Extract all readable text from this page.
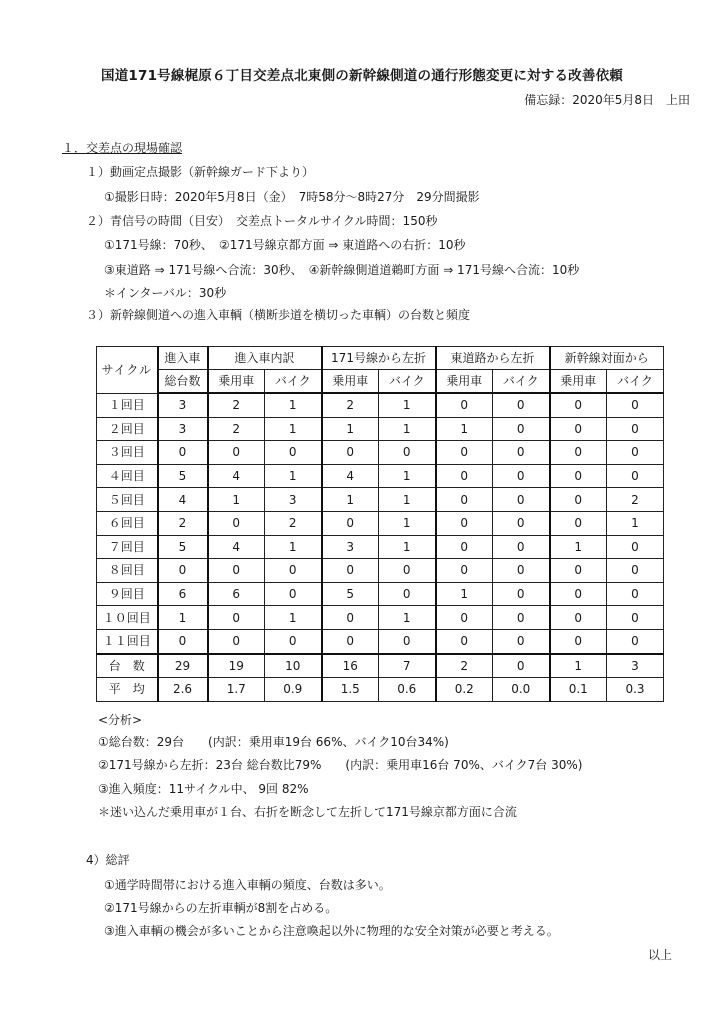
国道171号線梶原６丁目交差点北東側の新幹線側道の通行形態変更に対する改善依頼
備忘録：2020年5月8日　上田
１．交差点の現場確認
１）動画定点撮影（新幹線ガード下より）
①撮影日時：2020年5月8日（金）　7時58分～8時27分　29分間撮影
２）青信号の時間（目安）　交差点トータルサイクル時間：150秒
①171号線：70秒、　②171号線京都方面 ⇒ 東道路への右折：10秒
③東道路 ⇒ 171号線へ合流：30秒、　④新幹線側道道鵜町方面 ⇒ 171号線へ合流：10秒
＊インターバル：30秒
３）新幹線側道への進入車輌（横断歩道を横切った車輌）の台数と頻度
サイクル	進入車	進入車内訳		171号線から左折		東道路から左折		新幹線対面から	
	総台数	乗用車	バイク	乗用車	バイク	乗用車	バイク	乗用車	バイク
１回目	3	2	1	2	1	0	0	0	0
２回目	3	2	1	1	1	1	0	0	0
３回目	0	0	0	0	0	0	0	0	0
４回目	5	4	1	4	1	0	0	0	0
５回目	4	1	3	1	1	0	0	0	2
６回目	2	0	2	0	1	0	0	0	1
７回目	5	4	1	3	1	0	0	1	0
８回目	0	0	0	0	0	0	0	0	0
９回目	6	6	0	5	0	1	0	0	0
１０回目	1	0	1	0	1	0	0	0	0
１１回目	0	0	0	0	0	0	0	0	0
台　数	29	19	10	16	7	2	0	1	3
平　均	2.6	1.7	0.9	1.5	0.6	0.2	0.0	0.1	0.3
<分析>
①総台数：29台　　(内訳：乗用車19台 66%、バイク10台34%)
②171号線から左折：23台 総台数比79%　　(内訳：乗用車16台 70%、バイク7台 30%)
③進入頻度：11サイクル中、 9回 82%
＊迷い込んだ乗用車が１台、右折を断念して左折して171号線京都方面に合流
4）総評
①通学時間帯における進入車輌の頻度、台数は多い。
②171号線からの左折車輌が8割を占める。
③進入車輌の機会が多いことから注意喚起以外に物理的な安全対策が必要と考える。
以上
